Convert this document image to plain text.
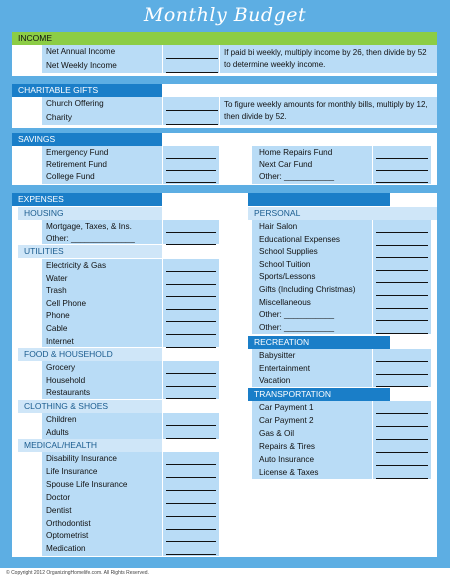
Monthly Budget
INCOME
Net Annual Income
Net Weekly Income
If paid bi weekly, multiply income by 26, then divide by 52 to determine weekly income.
CHARITABLE GIFTS
Church Offering
Charity
To figure weekly amounts for monthly bills, multiply by 12, then divide by 52.
SAVINGS
Emergency Fund
Retirement Fund
College Fund
Home Repairs Fund
Next Car Fund
Other: ___________
EXPENSES
HOUSING
Mortgage, Taxes, & Ins.
Other: ______________
UTILITIES
FOOD & HOUSEHOLD
CLOTHING & SHOES
MEDICAL/HEALTH
PERSONAL
RECREATION
TRANSPORTATION
Electricity & Gas
Water
Trash
Cell Phone
Phone
Cable
Internet
Grocery
Household
Restaurants
Children
Adults
Disability Insurance
Life Insurance
Spouse Life Insurance
Doctor
Dentist
Orthodontist
Optometrist
Medication
Hair Salon
Educational Expenses
School Supplies
School Tuition
Sports/Lessons
Gifts (Including Christmas)
Miscellaneous
Other: ___________
Other: ___________
Babysitter
Entertainment
Vacation
Car Payment 1
Car Payment 2
Gas & Oil
Repairs & Tires
Auto Insurance
License & Taxes
© Copyright 2012 OrganizingHomelife.com. All Rights Reserved.
